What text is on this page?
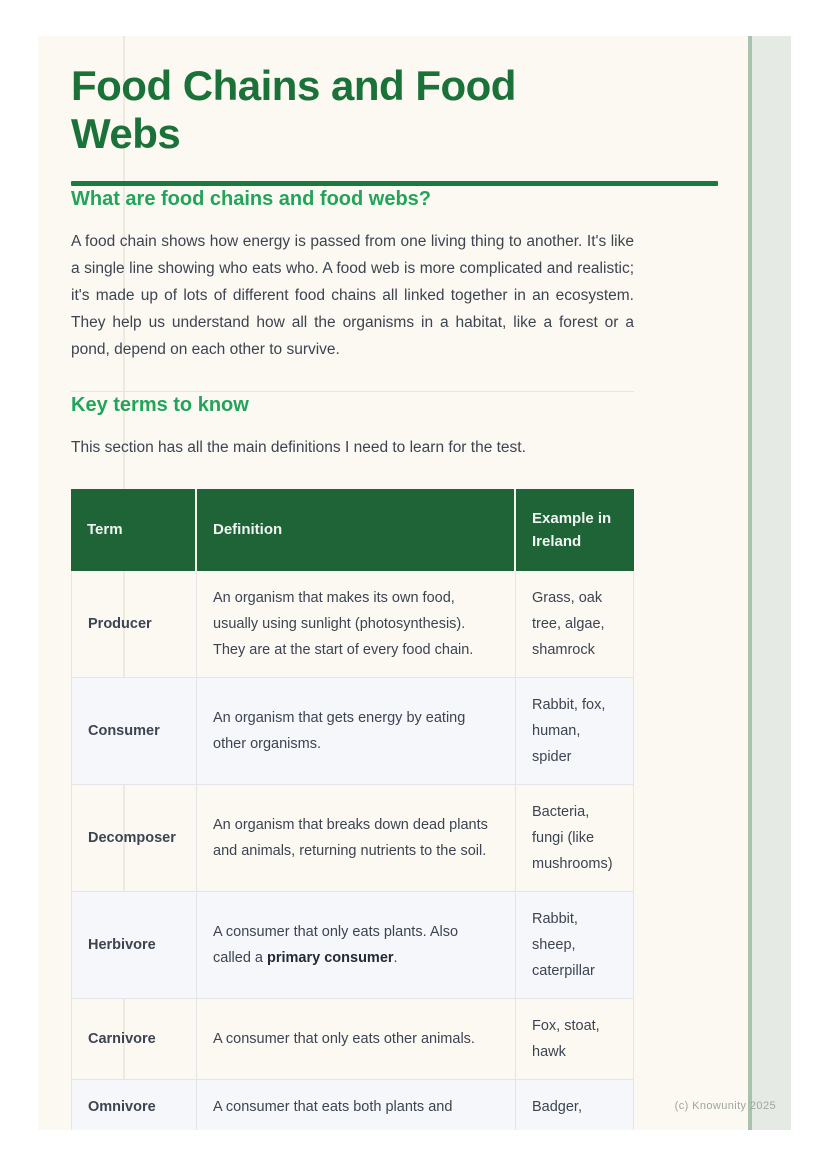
Food Chains and Food Webs
What are food chains and food webs?

A food chain shows how energy is passed from one living thing to another. It's like a single line showing who eats who. A food web is more complicated and realistic; it's made up of lots of different food chains all linked together in an ecosystem. They help us understand how all the organisms in a habitat, like a forest or a pond, depend on each other to survive.

Key terms to know

This section has all the main definitions I need to learn for the test.

Term	Definition	Example in Ireland
Producer	An organism that makes its own food, usually using sunlight (photosynthesis). They are at the start of every food chain.	Grass, oak tree, algae, shamrock
Consumer	An organism that gets energy by eating other organisms.	Rabbit, fox, human, spider
Decomposer	An organism that breaks down dead plants and animals, returning nutrients to the soil.	Bacteria, fungi (like mushrooms)
Herbivore	A consumer that only eats plants. Also called a primary consumer.	Rabbit, sheep, caterpillar
Carnivore	A consumer that only eats other animals.	Fox, stoat, hawk
Omnivore	A consumer that eats both plants and	Badger,	(c) Knowunity 2025
